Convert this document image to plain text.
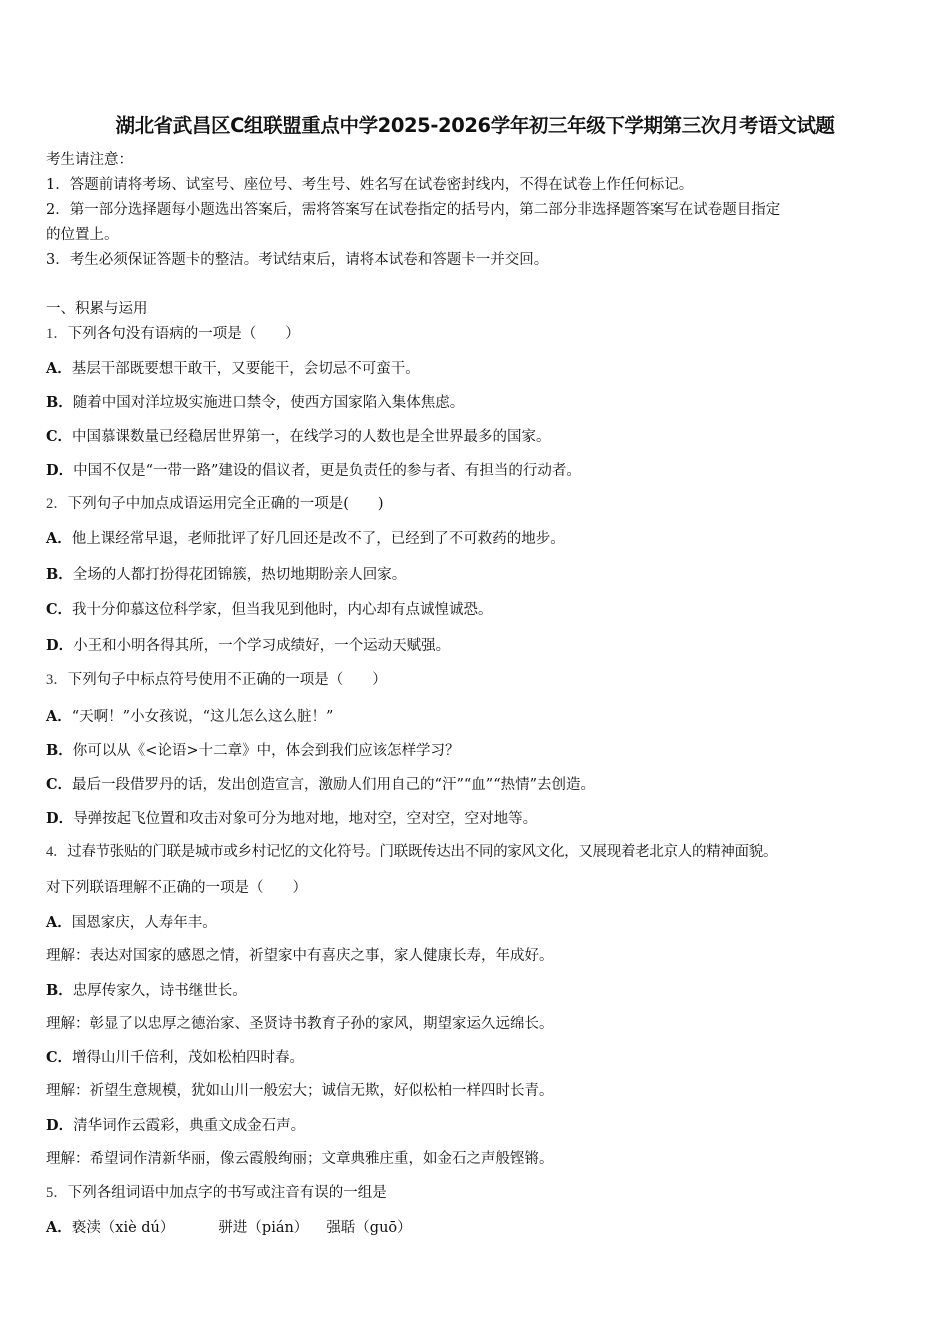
湖北省武昌区C组联盟重点中学2025-2026学年初三年级下学期第三次月考语文试题
考生请注意：
1．答题前请将考场、试室号、座位号、考生号、姓名写在试卷密封线内，不得在试卷上作任何标记。
2．第一部分选择题每小题选出答案后，需将答案写在试卷指定的括号内，第二部分非选择题答案写在试卷题目指定
的位置上。
3．考生必须保证答题卡的整洁。考试结束后，请将本试卷和答题卡一并交回。
一、积累与运用
1．下列各句没有语病的一项是（　　）
A．基层干部既要想干敢干，又要能干，会切忌不可蛮干。
B．随着中国对洋垃圾实施进口禁令，使西方国家陷入集体焦虑。
C．中国慕课数量已经稳居世界第一，在线学习的人数也是全世界最多的国家。
D．中国不仅是“一带一路”建设的倡议者，更是负责任的参与者、有担当的行动者。
2．下列句子中加点成语运用完全正确的一项是(　　)
A．他上课经常早退，老师批评了好几回还是改不了，已经到了不可救药的地步。
B．全场的人都打扮得花团锦簇，热切地期盼亲人回家。
C．我十分仰慕这位科学家，但当我见到他时，内心却有点诚惶诚恐。
D．小王和小明各得其所，一个学习成绩好，一个运动天赋强。
3．下列句子中标点符号使用不正确的一项是（　　）
A．“天啊！”小女孩说，“这儿怎么这么脏！”
B．你可以从《<论语>十二章》中，体会到我们应该怎样学习？
C．最后一段借罗丹的话，发出创造宣言，激励人们用自己的“汗”“血”“热情”去创造。
D．导弹按起飞位置和攻击对象可分为地对地，地对空，空对空，空对地等。
4．过春节张贴的门联是城市或乡村记忆的文化符号。门联既传达出不同的家风文化，又展现着老北京人的精神面貌。
对下列联语理解不正确的一项是（　　）
A．国恩家庆，人寿年丰。
理解：表达对国家的感恩之情，祈望家中有喜庆之事，家人健康长寿，年成好。
B．忠厚传家久，诗书继世长。
理解：彰显了以忠厚之德治家、圣贤诗书教育子孙的家风，期望家运久远绵长。
C．增得山川千倍利，茂如松柏四时春。
理解：祈望生意规模，犹如山川一般宏大；诚信无欺，好似松柏一样四时长青。
D．清华词作云霞彩，典重文成金石声。
理解：希望词作清新华丽，像云霞般绚丽；文章典雅庄重，如金石之声般铿锵。
5．下列各组词语中加点字的书写或注音有误的一组是
A．亵渎（xiè dú）	骈进（pián） 强聒（guō）
